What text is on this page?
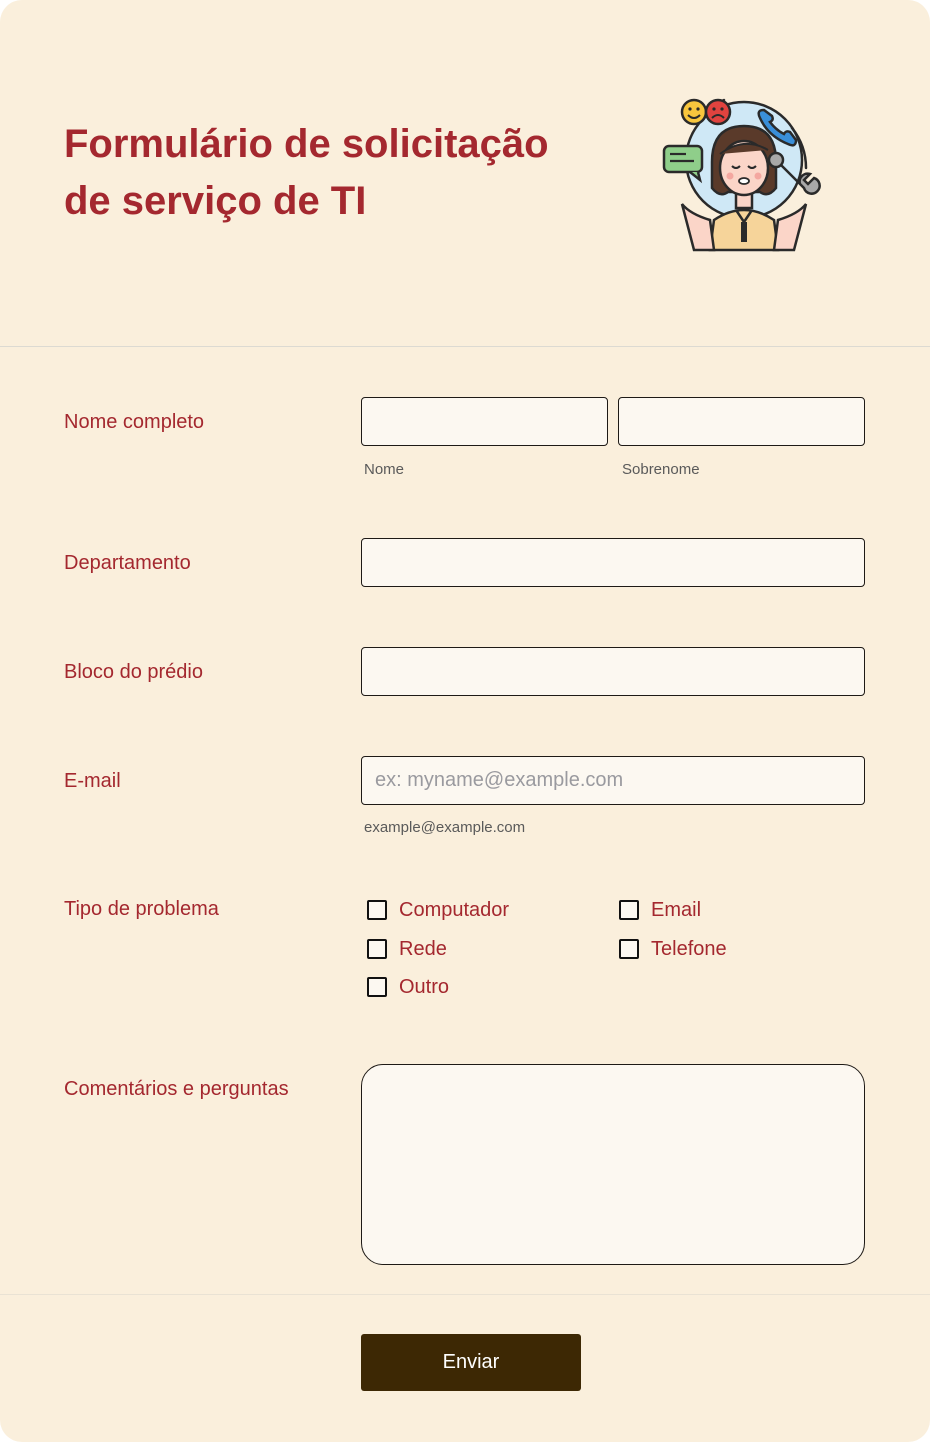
Formulário de solicitação de serviço de TI
Nome completo
Nome	Sobrenome
Departamento
Bloco do prédio
E-mail
ex: myname@example.com
example@example.com
Tipo de problema	Computador	Email
Rede	Telefone
Outro
Comentários e perguntas
Enviar
